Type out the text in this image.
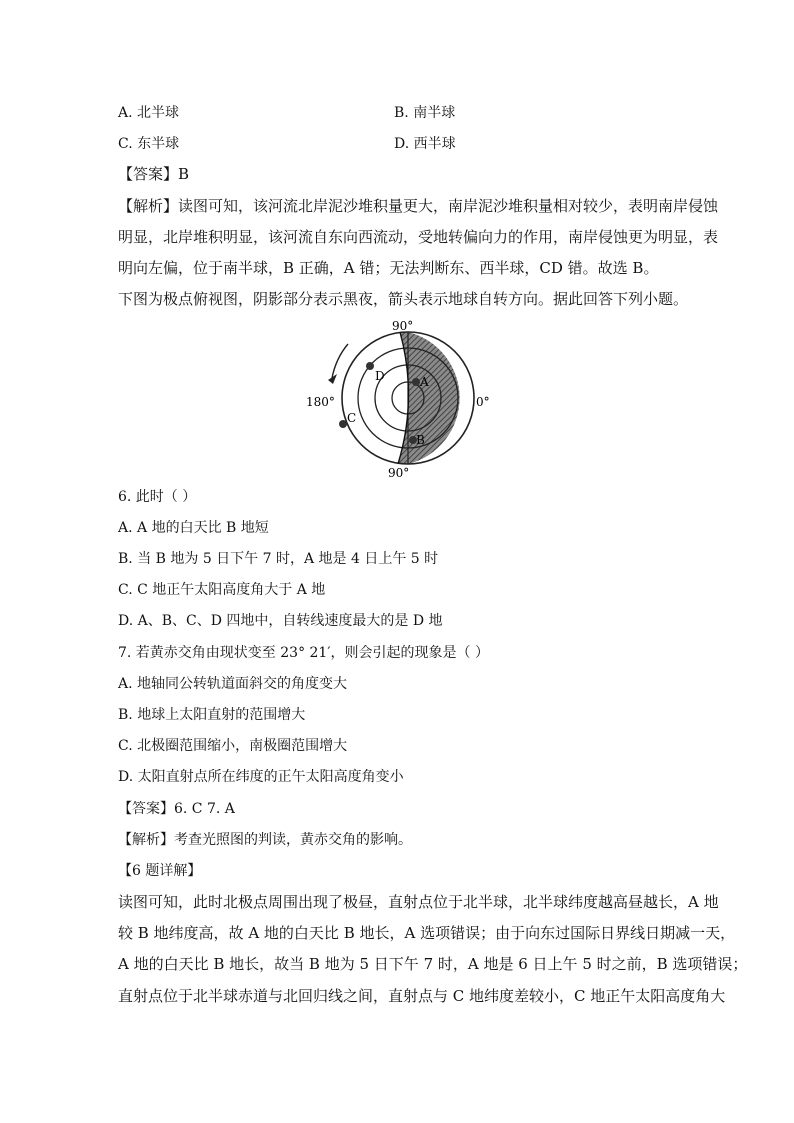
A. 北半球	B. 南半球
C. 东半球	D. 西半球
【答案】B
【解析】读图可知，该河流北岸泥沙堆积量更大，南岸泥沙堆积量相对较少，表明南岸侵蚀
明显，北岸堆积明显，该河流自东向西流动，受地转偏向力的作用，南岸侵蚀更为明显，表
明向左偏，位于南半球，B 正确，A 错；无法判断东、西半球，CD 错。故选 B。
下图为极点俯视图，阴影部分表示黑夜，箭头表示地球自转方向。据此回答下列小题。
90°
90°
180°	0°
D	A
C
B
6. 此时（ ）
A. A 地的白天比 B 地短
B. 当 B 地为 5 日下午 7 时，A 地是 4 日上午 5 时
C. C 地正午太阳高度角大于 A 地
D. A、B、C、D 四地中，自转线速度最大的是 D 地
7. 若黄赤交角由现状变至 23° 21′，则会引起的现象是（ ）
A. 地轴同公转轨道面斜交的角度变大
B. 地球上太阳直射的范围增大
C. 北极圈范围缩小，南极圈范围增大
D. 太阳直射点所在纬度的正午太阳高度角变小
【答案】6. C 7. A
【解析】考查光照图的判读，黄赤交角的影响。
【6 题详解】
读图可知，此时北极点周围出现了极昼，直射点位于北半球，北半球纬度越高昼越长，A 地
较 B 地纬度高，故 A 地的白天比 B 地长，A 选项错误；由于向东过国际日界线日期减一天，
A 地的白天比 B 地长，故当 B 地为 5 日下午 7 时，A 地是 6 日上午 5 时之前，B 选项错误；
直射点位于北半球赤道与北回归线之间，直射点与 C 地纬度差较小，C 地正午太阳高度角大
